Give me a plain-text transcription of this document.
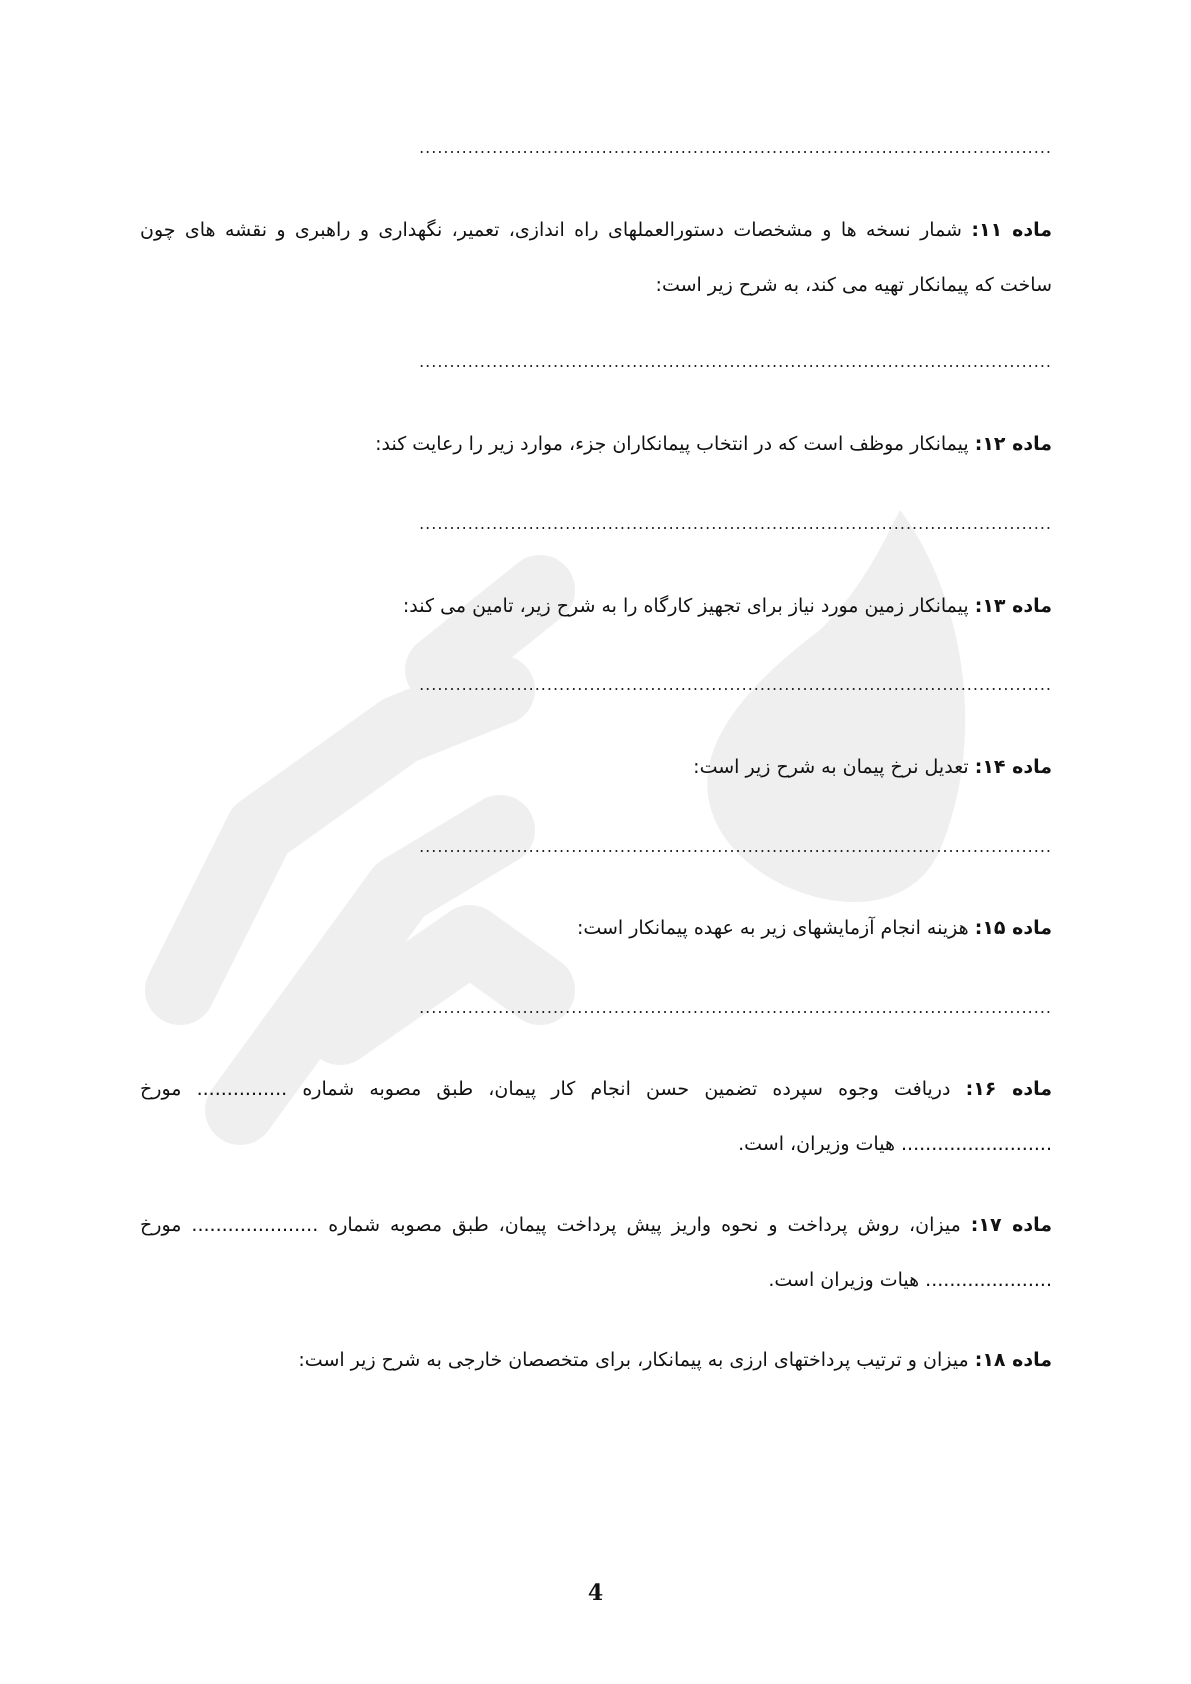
........................................................................................................
ماده ۱۱: شمار نسخه ها و مشخصات دستورالعملهای راه اندازی، تعمیر، نگهداری و راهبری و نقشه های چون
ساخت که پیمانکار تهیه می کند، به شرح زیر است:
........................................................................................................
ماده ۱۲: پیمانکار موظف است که در انتخاب پیمانکاران جزء، موارد زیر را رعایت کند:
........................................................................................................
ماده ۱۳: پیمانکار زمین مورد نیاز برای تجهیز کارگاه را به شرح زیر، تامین می کند:
........................................................................................................
ماده ۱۴: تعدیل نرخ پیمان به شرح زیر است:
........................................................................................................
ماده ۱۵: هزینه انجام آزمایشهای زیر به عهده پیمانکار است:
........................................................................................................
ماده ۱۶: دریافت وجوه سپرده تضمین حسن انجام کار پیمان، طبق مصوبه شماره ............... مورخ
......................... هیات وزیران، است.
ماده ۱۷: میزان، روش پرداخت و نحوه واریز پیش پرداخت پیمان، طبق مصوبه شماره ..................... مورخ
..................... هیات وزیران است.
ماده ۱۸: میزان و ترتیب پرداختهای ارزی به پیمانکار، برای متخصصان خارجی به شرح زیر است:
4
